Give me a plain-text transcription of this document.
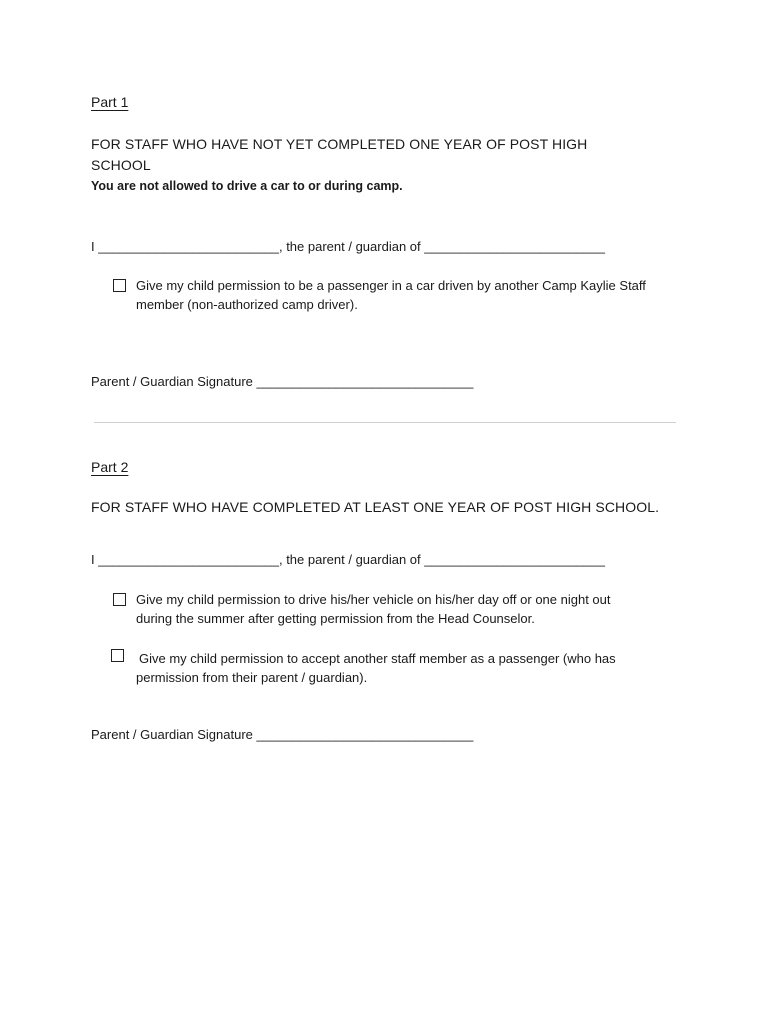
Part 1
FOR STAFF WHO HAVE NOT YET COMPLETED ONE YEAR OF POST HIGH
SCHOOL
You are not allowed to drive a car to or during camp.
I _________________________, the parent / guardian of _________________________
Give my child permission to be a passenger in a car driven by another Camp Kaylie Staff
member (non-authorized camp driver).
Parent / Guardian Signature ______________________________
Part 2
FOR STAFF WHO HAVE COMPLETED AT LEAST ONE YEAR OF POST HIGH SCHOOL.
I _________________________, the parent / guardian of _________________________
Give my child permission to drive his/her vehicle on his/her day off or one night out
during the summer after getting permission from the Head Counselor.
Give my child permission to accept another staff member as a passenger (who has
permission from their parent / guardian).
Parent / Guardian Signature ______________________________
